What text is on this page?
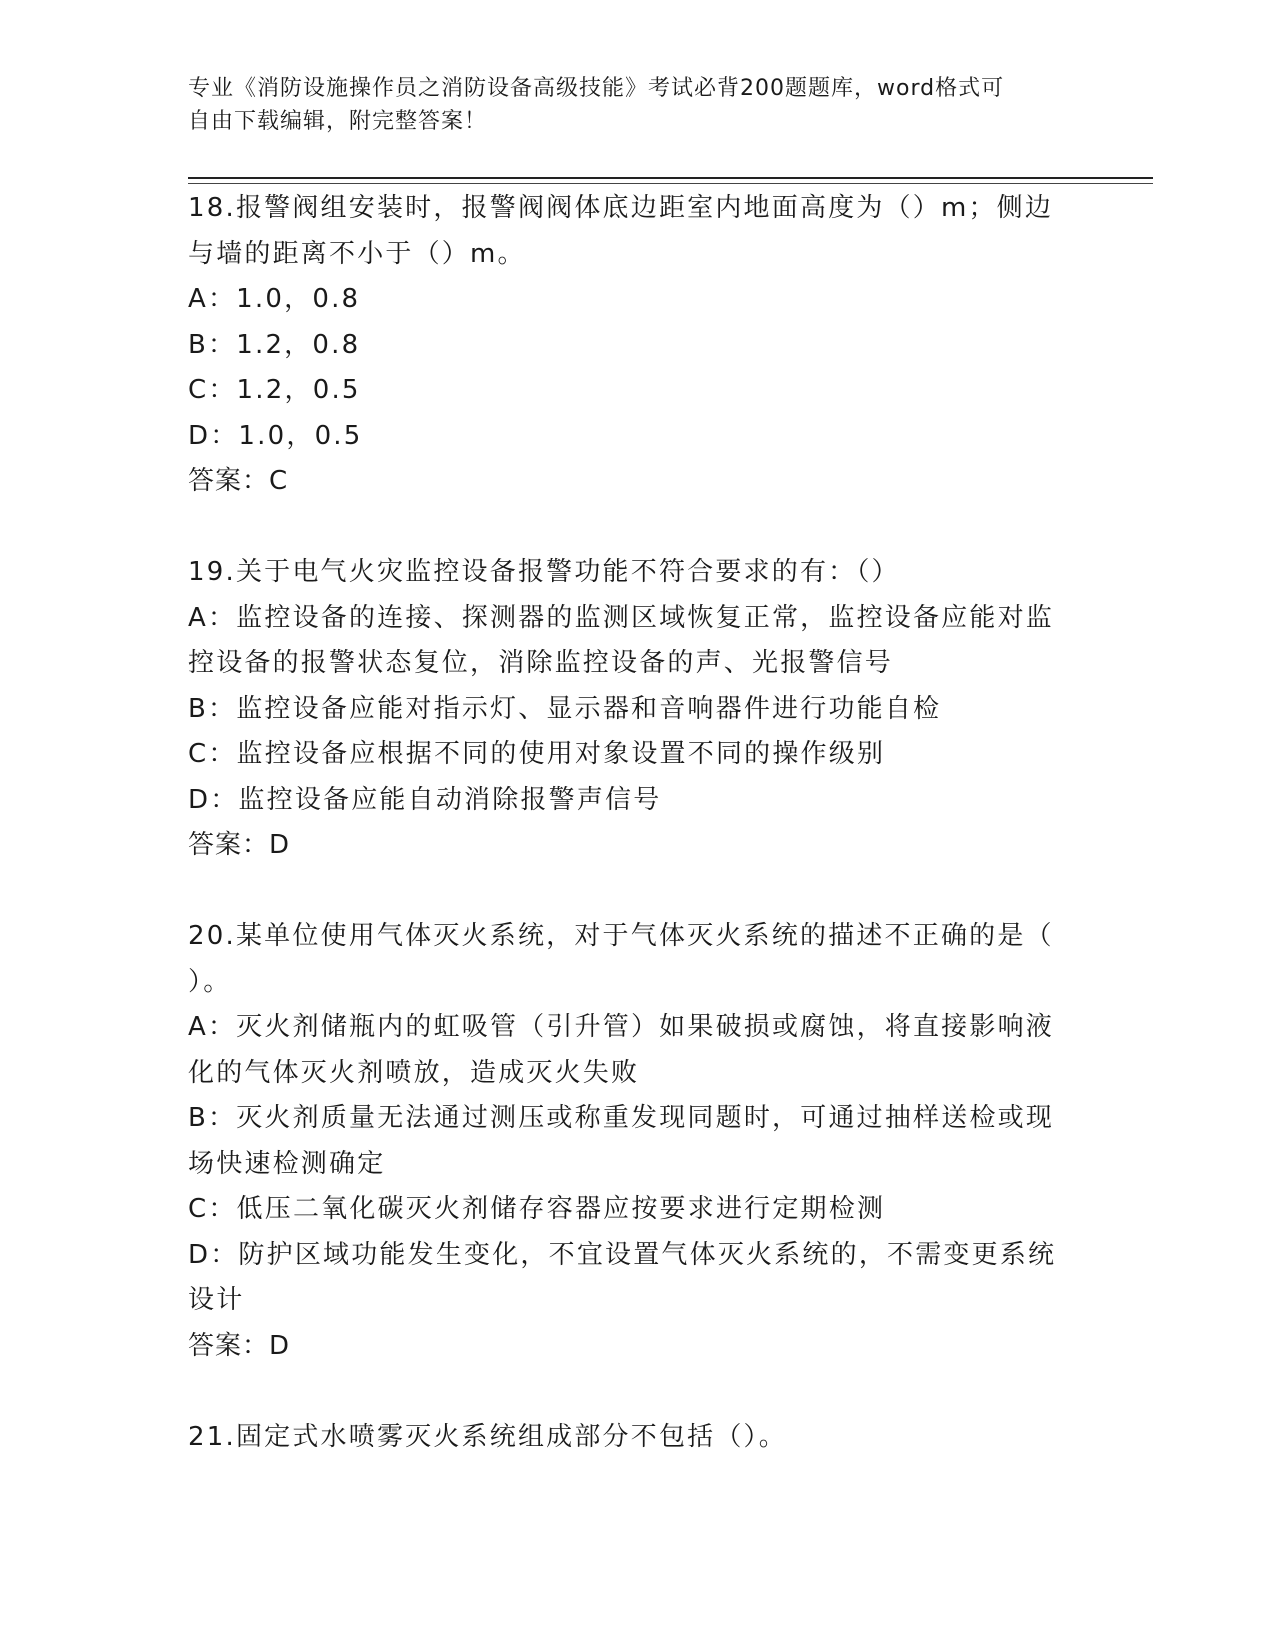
专业《消防设施操作员之消防设备高级技能》考试必背200题题库，word格式可
自由下载编辑，附完整答案！
18.报警阀组安装时，报警阀阀体底边距室内地面高度为（）m；侧边
与墙的距离不小于（）m。
A：1.0，0.8
B：1.2，0.8
C：1.2，0.5
D：1.0，0.5
答案：C
19.关于电气火灾监控设备报警功能不符合要求的有：（）
A：监控设备的连接、探测器的监测区域恢复正常，监控设备应能对监
控设备的报警状态复位，消除监控设备的声、光报警信号
B：监控设备应能对指示灯、显示器和音响器件进行功能自检
C：监控设备应根据不同的使用对象设置不同的操作级别
D：监控设备应能自动消除报警声信号
答案：D
20.某单位使用气体灭火系统，对于气体灭火系统的描述不正确的是（
）。
A：灭火剂储瓶内的虹吸管（引升管）如果破损或腐蚀，将直接影响液
化的气体灭火剂喷放，造成灭火失败
B：灭火剂质量无法通过测压或称重发现同题时，可通过抽样送检或现
场快速检测确定
C：低压二氧化碳灭火剂储存容器应按要求进行定期检测
D：防护区域功能发生变化，不宜设置气体灭火系统的，不需变更系统
设计
答案：D
21.固定式水喷雾灭火系统组成部分不包括（）。
